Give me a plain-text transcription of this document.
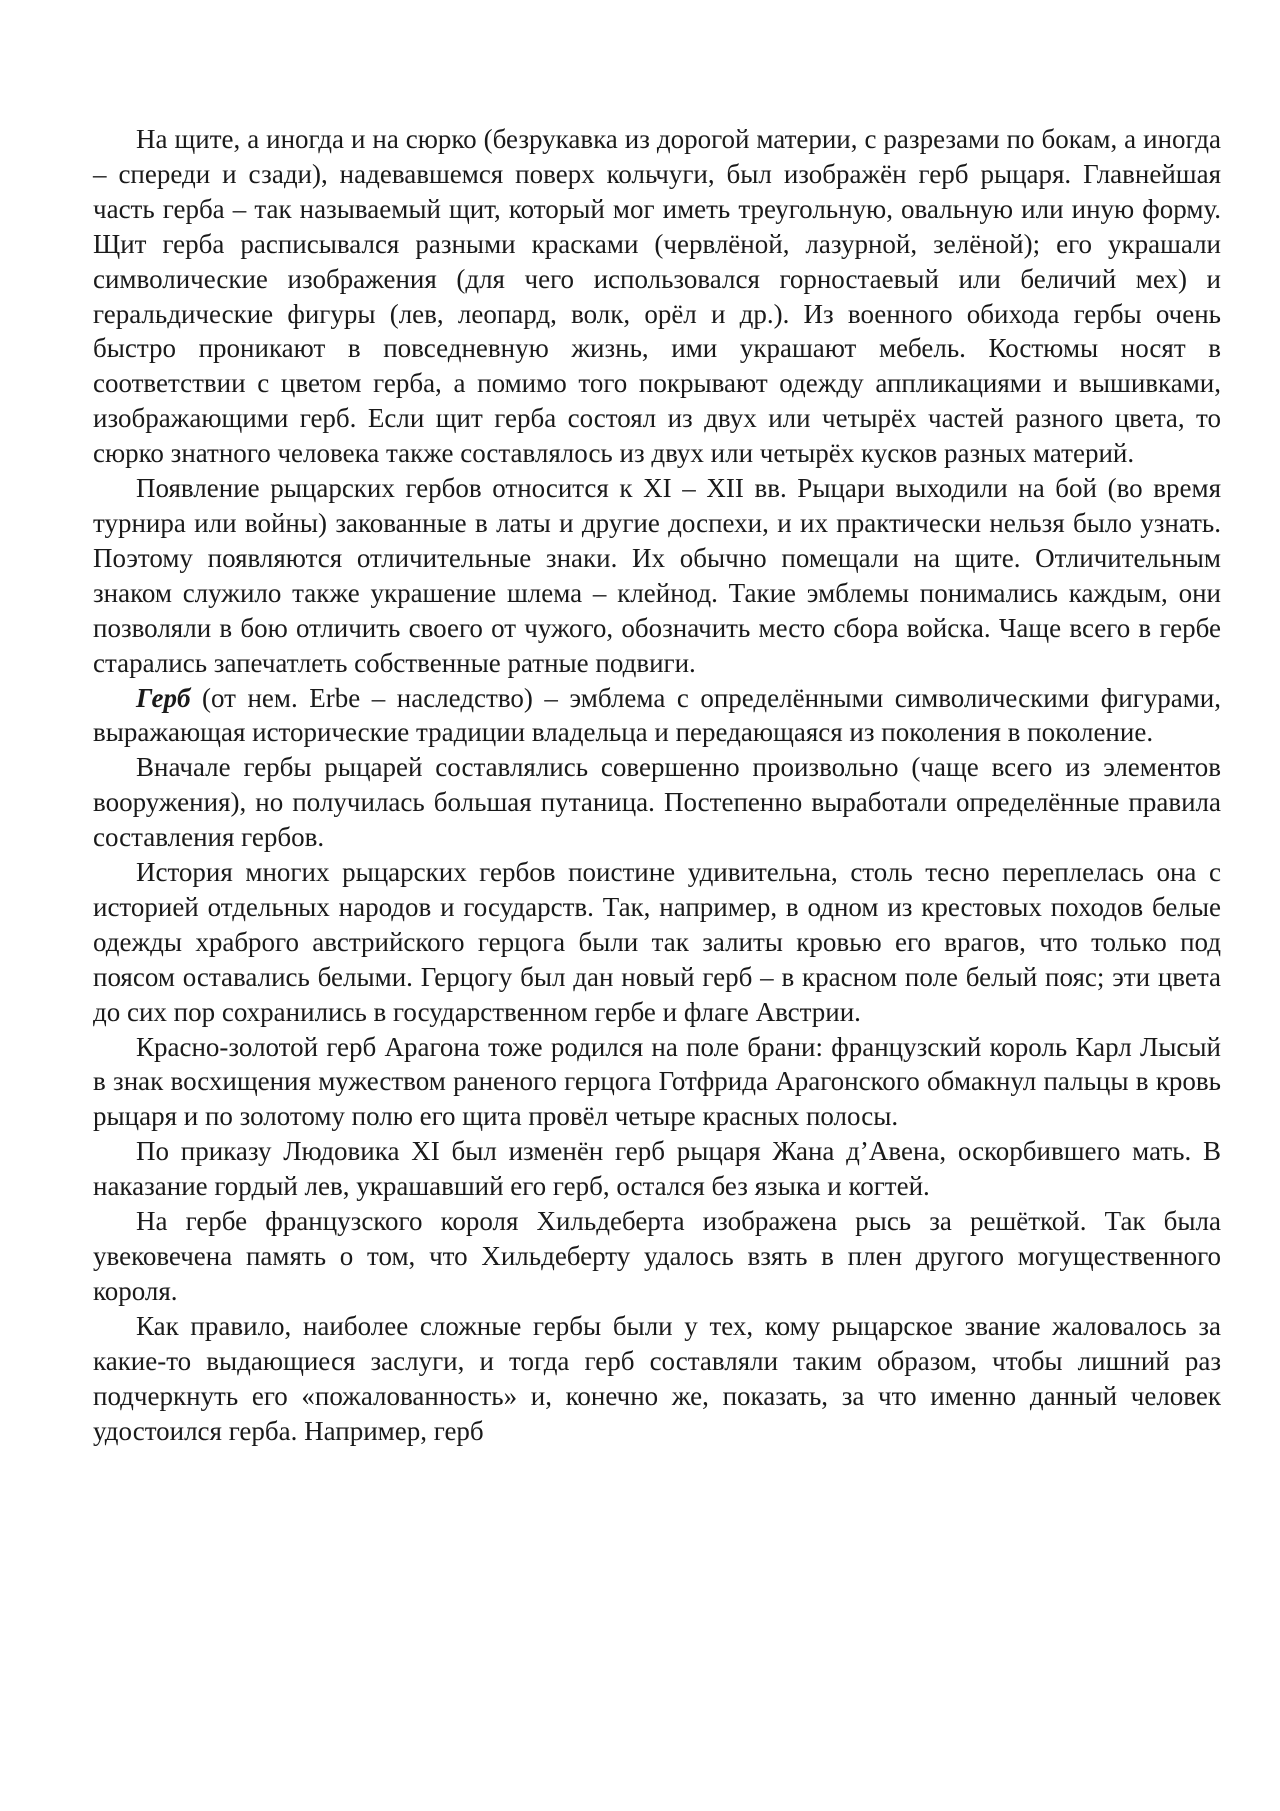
На щите, а иногда и на сюрко (безрукавка из дорогой материи, с разрезами по бокам, а иногда – спереди и сзади), надевавшемся поверх кольчуги, был изображён герб рыцаря. Главнейшая часть герба – так называемый щит, который мог иметь треугольную, овальную или иную форму. Щит герба расписывался разными красками (червлёной, лазурной, зелёной); его украшали символические изображения (для чего использовался горностаевый или беличий мех) и геральдические фигуры (лев, леопард, волк, орёл и др.). Из военного обихода гербы очень быстро проникают в повседневную жизнь, ими украшают мебель. Костюмы носят в соответствии с цветом герба, а помимо того покрывают одежду аппликациями и вышивками, изображающими герб. Если щит герба состоял из двух или четырёх частей разного цвета, то сюрко знатного человека также составлялось из двух или четырёх кусков разных материй.

Появление рыцарских гербов относится к XI – XII вв. Рыцари выходили на бой (во время турнира или войны) закованные в латы и другие доспехи, и их практически нельзя было узнать. Поэтому появляются отличительные знаки. Их обычно помещали на щите. Отличительным знаком служило также украшение шлема – клейнод. Такие эмблемы понимались каждым, они позволяли в бою отличить своего от чужого, обозначить место сбора войска. Чаще всего в гербе старались запечатлеть собственные ратные подвиги.

Герб (от нем. Erbe – наследство) – эмблема с определёнными символическими фигурами, выражающая исторические традиции владельца и передающаяся из поколения в поколение.

Вначале гербы рыцарей составлялись совершенно произвольно (чаще всего из элементов вооружения), но получилась большая путаница. Постепенно выработали определённые правила составления гербов.

История многих рыцарских гербов поистине удивительна, столь тесно переплелась она с историей отдельных народов и государств. Так, например, в одном из крестовых походов белые одежды храброго австрийского герцога были так залиты кровью его врагов, что только под поясом оставались белыми. Герцогу был дан новый герб – в красном поле белый пояс; эти цвета до сих пор сохранились в государственном гербе и флаге Австрии.

Красно-золотой герб Арагона тоже родился на поле брани: французский король Карл Лысый в знак восхищения мужеством раненого герцога Готфрида Арагонского обмакнул пальцы в кровь рыцаря и по золотому полю его щита провёл четыре красных полосы.

По приказу Людовика XI был изменён герб рыцаря Жана д’Авена, оскорбившего мать. В наказание гордый лев, украшавший его герб, остался без языка и когтей.

На гербе французского короля Хильдеберта изображена рысь за решёткой. Так была увековечена память о том, что Хильдеберту удалось взять в плен другого могущественного короля.

Как правило, наиболее сложные гербы были у тех, кому рыцарское звание жаловалось за какие-то выдающиеся заслуги, и тогда герб составляли таким образом, чтобы лишний раз подчеркнуть его «пожалованность» и, конечно же, показать, за что именно данный человек удостоился герба. Например, герб
